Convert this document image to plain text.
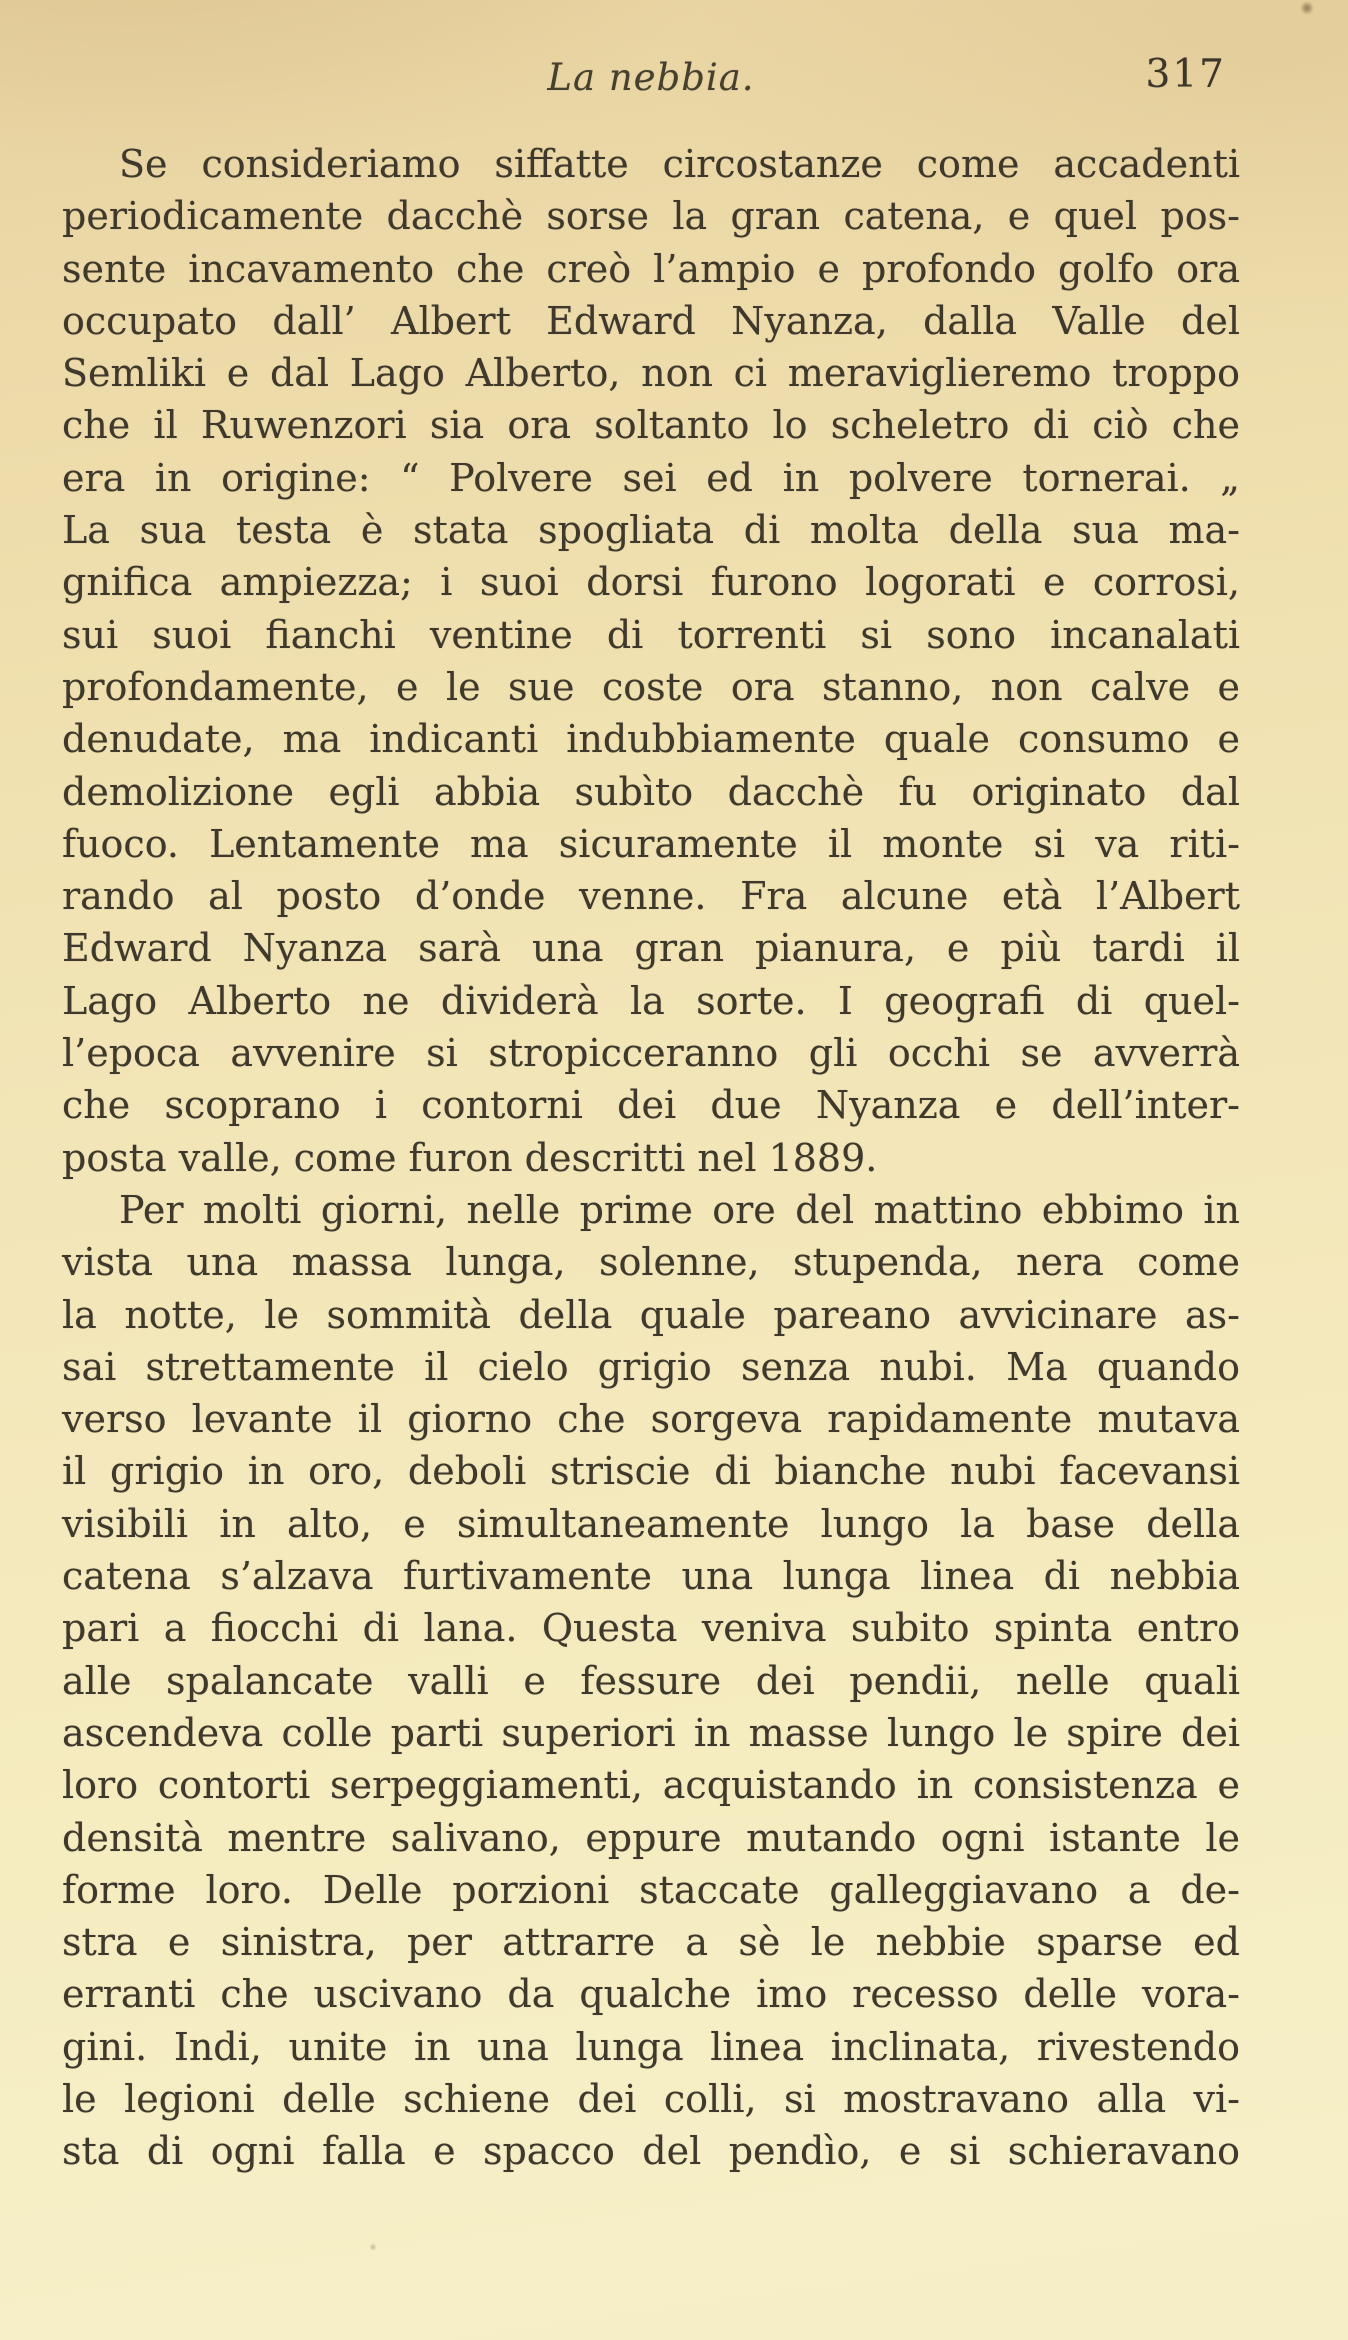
La nebbia.	317
Se consideriamo siffatte circostanze come accadenti
periodicamente dacchè sorse la gran catena, e quel pos-
sente incavamento che creò l’ampio e profondo golfo ora
occupato dall’ Albert Edward Nyanza, dalla Valle del
Semliki e dal Lago Alberto, non ci meraviglieremo troppo
che il Ruwenzori sia ora soltanto lo scheletro di ciò che
era in origine: “ Polvere sei ed in polvere tornerai. „
La sua testa è stata spogliata di molta della sua ma-
gnifica ampiezza; i suoi dorsi furono logorati e corrosi,
sui suoi fianchi ventine di torrenti si sono incanalati
profondamente, e le sue coste ora stanno, non calve e
denudate, ma indicanti indubbiamente quale consumo e
demolizione egli abbia subìto dacchè fu originato dal
fuoco. Lentamente ma sicuramente il monte si va riti-
rando al posto d’onde venne. Fra alcune età l’Albert
Edward Nyanza sarà una gran pianura, e più tardi il
Lago Alberto ne dividerà la sorte. I geografi di quel-
l’epoca avvenire si stropicceranno gli occhi se avverrà
che scoprano i contorni dei due Nyanza e dell’inter-
posta valle, come furon descritti nel 1889.
Per molti giorni, nelle prime ore del mattino ebbimo in
vista una massa lunga, solenne, stupenda, nera come
la notte, le sommità della quale pareano avvicinare as-
sai strettamente il cielo grigio senza nubi. Ma quando
verso levante il giorno che sorgeva rapidamente mutava
il grigio in oro, deboli striscie di bianche nubi facevansi
visibili in alto, e simultaneamente lungo la base della
catena s’alzava furtivamente una lunga linea di nebbia
pari a fiocchi di lana. Questa veniva subito spinta entro
alle spalancate valli e fessure dei pendii, nelle quali
ascendeva colle parti superiori in masse lungo le spire dei
loro contorti serpeggiamenti, acquistando in consistenza e
densità mentre salivano, eppure mutando ogni istante le
forme loro. Delle porzioni staccate galleggiavano a de-
stra e sinistra, per attrarre a sè le nebbie sparse ed
erranti che uscivano da qualche imo recesso delle vora-
gini. Indi, unite in una lunga linea inclinata, rivestendo
le legioni delle schiene dei colli, si mostravano alla vi-
sta di ogni falla e spacco del pendìo, e si schieravano
